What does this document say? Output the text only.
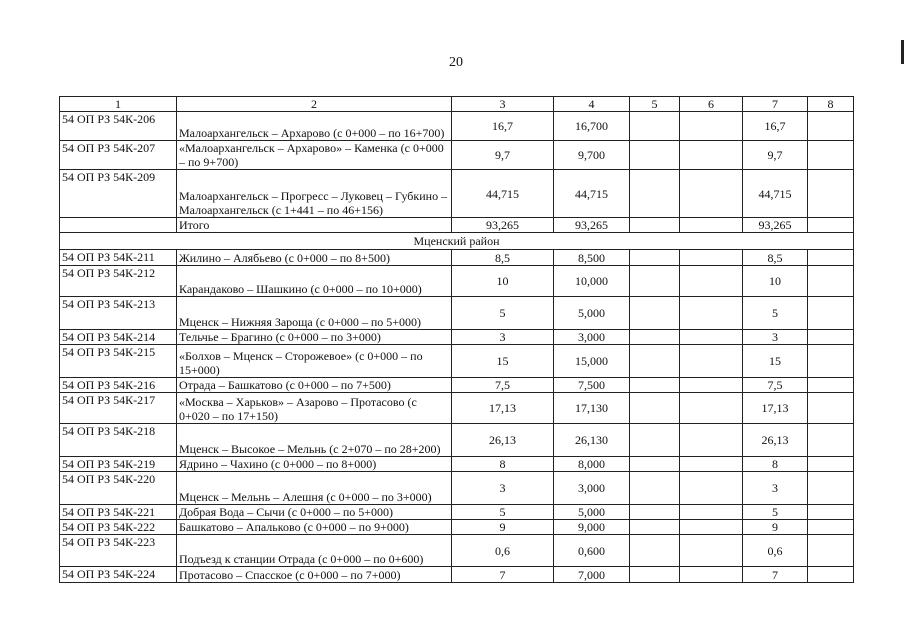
20
1	2	3	4	5	6	7	8
54 ОП РЗ 54К-206	Малоархангельск – Архарово (с 0+000 – по 16+700)	16,7	16,700			16,7	
54 ОП РЗ 54К-207	«Малоархангельск – Архарово» – Каменка (с 0+000 – по 9+700)	9,7	9,700			9,7	
54 ОП РЗ 54К-209	Малоархангельск – Прогресс – Луковец – Губкино – Малоархангельск (с 1+441 – по 46+156)	44,715	44,715			44,715	
	Итого	93,265	93,265			93,265	
Мценский район							
54 ОП РЗ 54К-211	Жилино – Алябьево (с 0+000 – по 8+500)	8,5	8,500			8,5	
54 ОП РЗ 54К-212	Карандаково – Шашкино (с 0+000 – по 10+000)	10	10,000			10	
54 ОП РЗ 54К-213	Мценск – Нижняя Зароща (с 0+000 – по 5+000)	5	5,000			5	
54 ОП РЗ 54К-214	Тельчье – Брагино (с 0+000 – по 3+000)	3	3,000			3	
54 ОП РЗ 54К-215	«Болхов – Мценск – Сторожевое» (с 0+000 – по 15+000)	15	15,000			15	
54 ОП РЗ 54К-216	Отрада – Башкатово (с 0+000 – по 7+500)	7,5	7,500			7,5	
54 ОП РЗ 54К-217	«Москва – Харьков» – Азарово – Протасово (с 0+020 – по 17+150)	17,13	17,130			17,13	
54 ОП РЗ 54К-218	Мценск – Высокое – Мельнь (с 2+070 – по 28+200)	26,13	26,130			26,13	
54 ОП РЗ 54К-219	Ядрино – Чахино (с 0+000 – по 8+000)	8	8,000			8	
54 ОП РЗ 54К-220	Мценск – Мельнь – Алешня (с 0+000 – по 3+000)	3	3,000			3	
54 ОП РЗ 54К-221	Добрая Вода – Сычи (с 0+000 – по 5+000)	5	5,000			5	
54 ОП РЗ 54К-222	Башкатово – Апальково (с 0+000 – по 9+000)	9	9,000			9	
54 ОП РЗ 54К-223	Подъезд к станции Отрада (с 0+000 – по 0+600)	0,6	0,600			0,6	
54 ОП РЗ 54К-224	Протасово – Спасское (с 0+000 – по 7+000)	7	7,000			7	
